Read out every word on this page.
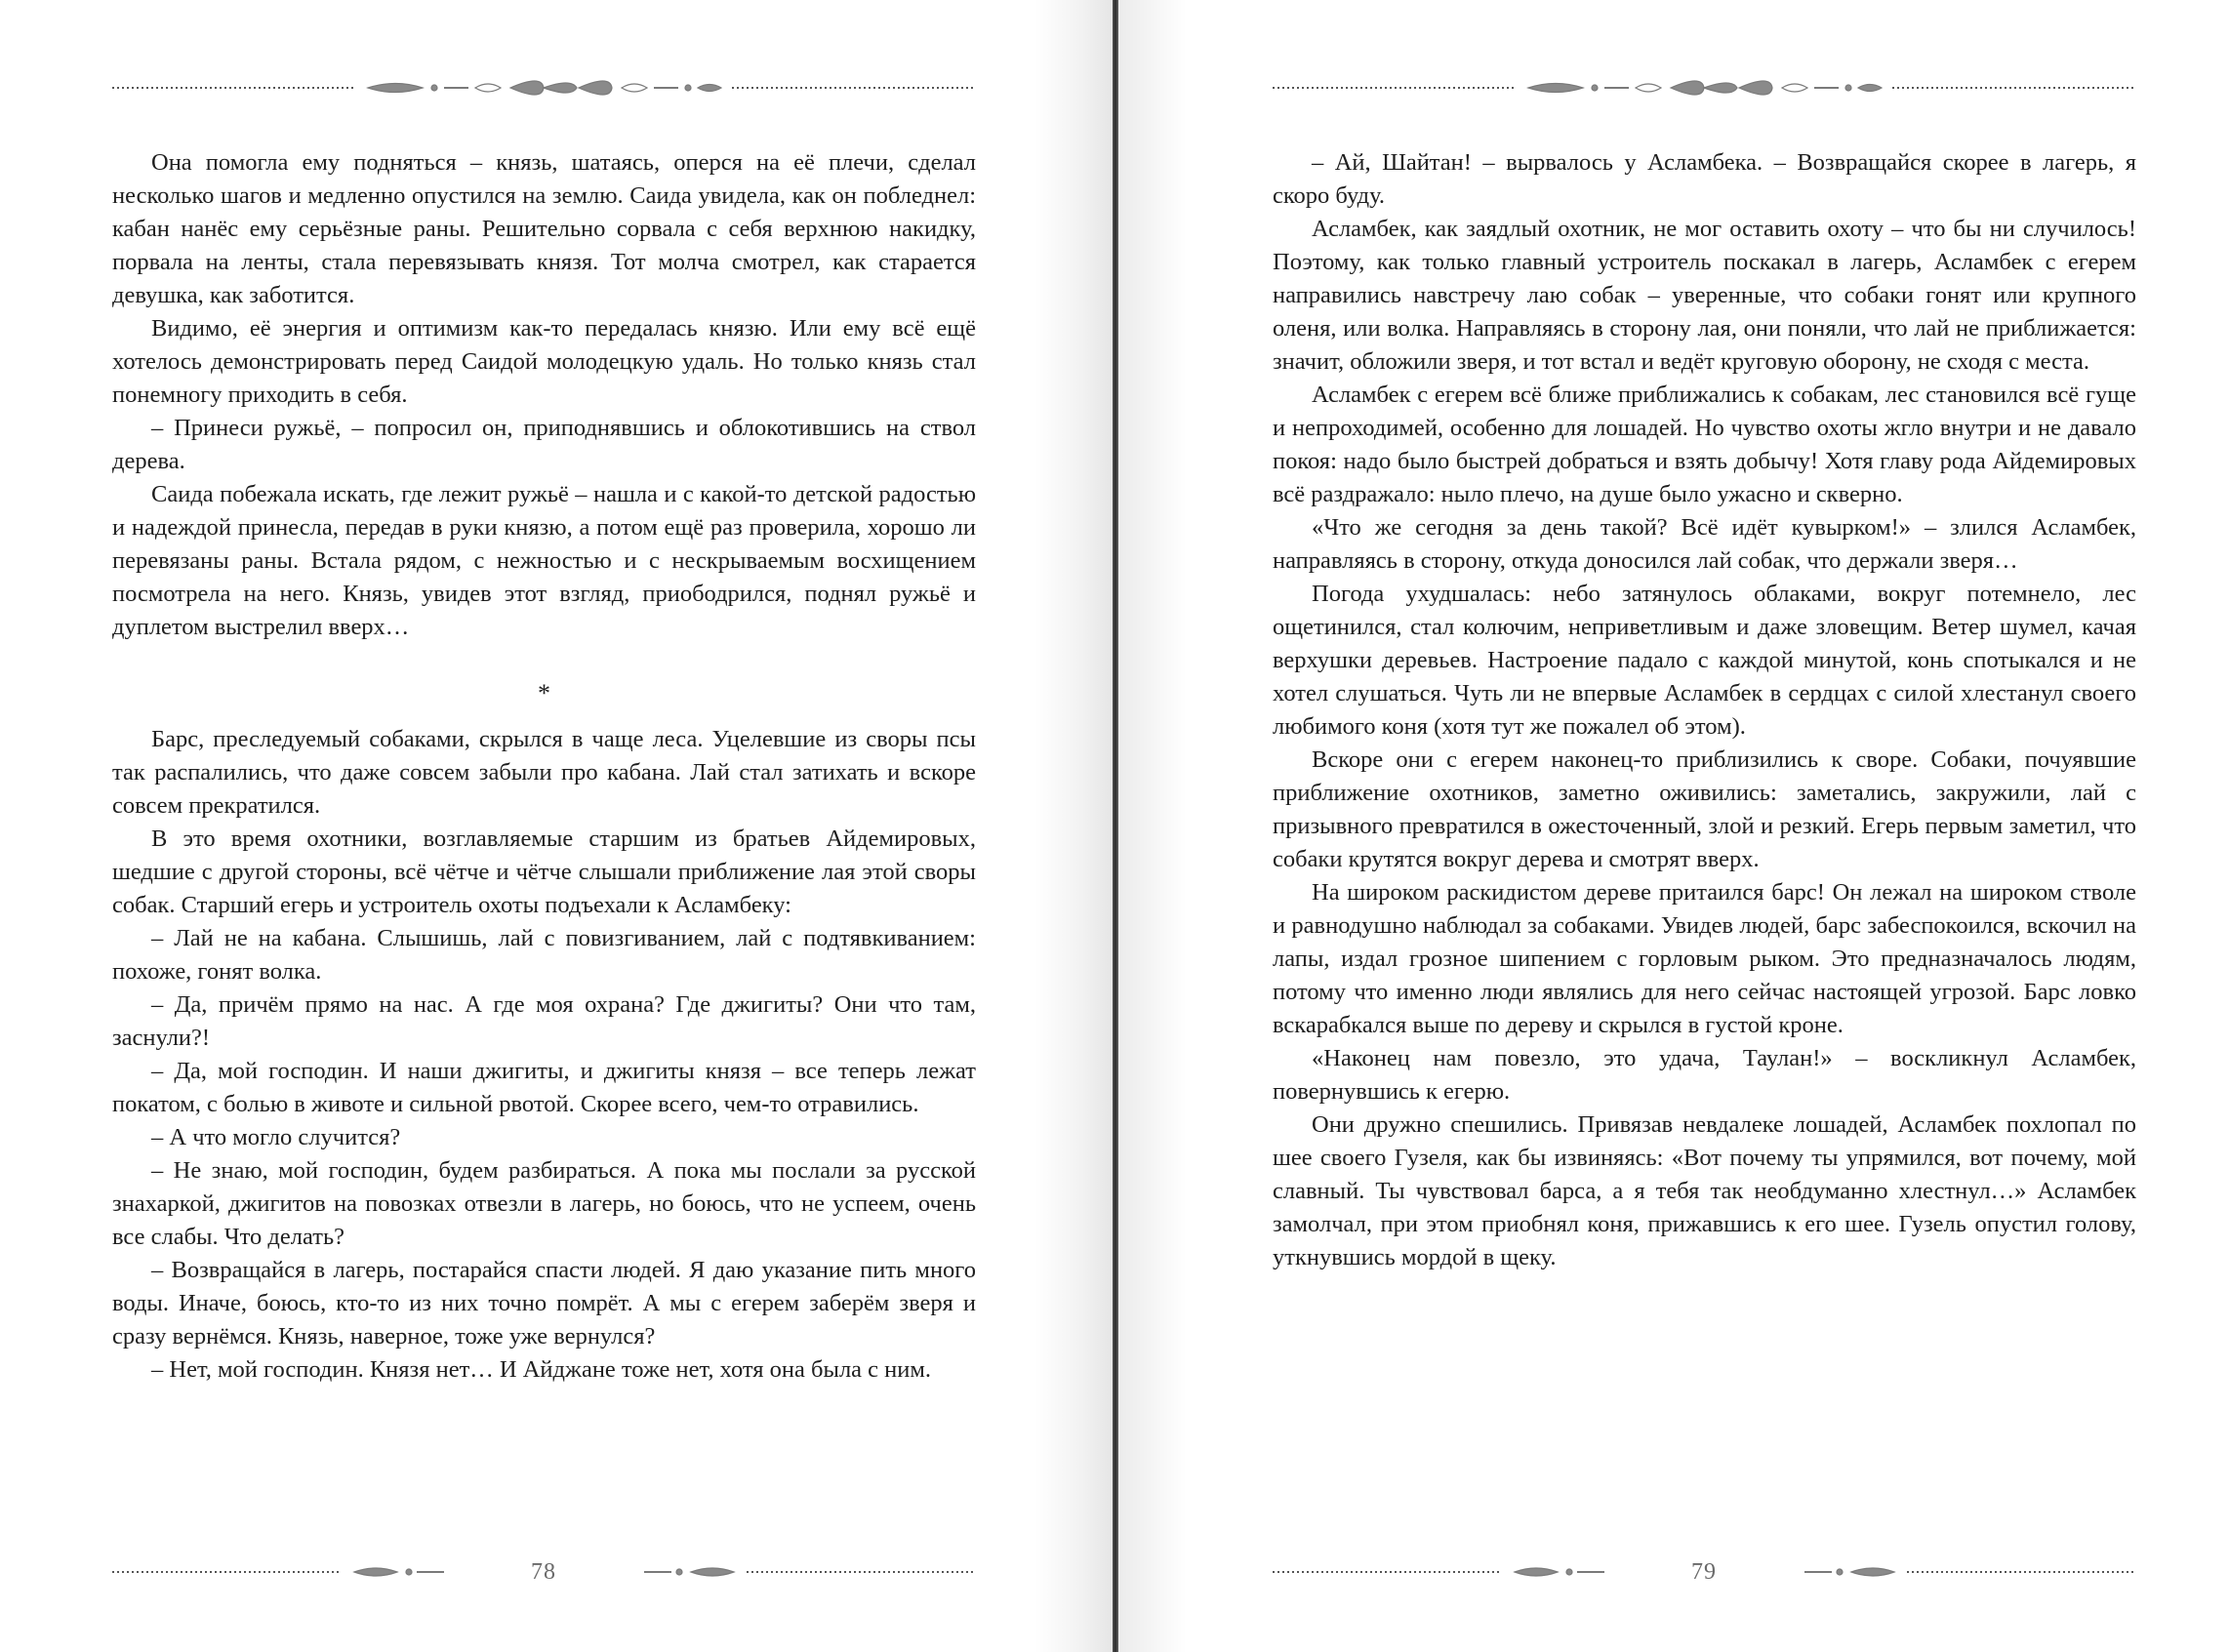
Она помогла ему подняться – князь, шатаясь, оперся на её плечи, сделал несколько шагов и медленно опустился на землю. Саида увидела, как он побледнел: кабан нанёс ему серьёзные раны. Решительно сорвала с себя верхнюю накидку, порвала на ленты, стала перевязывать князя. Тот молча смотрел, как старается девушка, как заботится.

Видимо, её энергия и оптимизм как-то передалась князю. Или ему всё ещё хотелось демонстрировать перед Саидой молодецкую удаль. Но только князь стал понемногу приходить в себя.

– Принеси ружьё, – попросил он, приподнявшись и облокотившись на ствол дерева.

Саида побежала искать, где лежит ружьё – нашла и с какой-то детской радостью и надеждой принесла, передав в руки князю, а потом ещё раз проверила, хорошо ли перевязаны раны. Встала рядом, с нежностью и с нескрываемым восхищением посмотрела на него. Князь, увидев этот взгляд, приободрился, поднял ружьё и дуплетом выстрелил вверх…

*

Барс, преследуемый собаками, скрылся в чаще леса. Уцелевшие из своры псы так распалились, что даже совсем забыли про кабана. Лай стал затихать и вскоре совсем прекратился.

В это время охотники, возглавляемые старшим из братьев Айдемировых, шедшие с другой стороны, всё чётче и чётче слышали приближение лая этой своры собак. Старший егерь и устроитель охоты подъехали к Асламбеку:

– Лай не на кабана. Слышишь, лай с повизгиванием, лай с подтявкиванием: похоже, гонят волка.

– Да, причём прямо на нас. А где моя охрана? Где джигиты? Они что там, заснули?!

– Да, мой господин. И наши джигиты, и джигиты князя – все теперь лежат покатом, с болью в животе и сильной рвотой. Скорее всего, чем-то отравились.

– А что могло случится?

– Не знаю, мой господин, будем разбираться. А пока мы послали за русской знахаркой, джигитов на повозках отвезли в лагерь, но боюсь, что не успеем, очень все слабы. Что делать?

– Возвращайся в лагерь, постарайся спасти людей. Я даю указание пить много воды. Иначе, боюсь, кто-то из них точно помрёт. А мы с егерем заберём зверя и сразу вернёмся. Князь, наверное, тоже уже вернулся?

– Нет, мой господин. Князя нет… И Айджане тоже нет, хотя она была с ним.

78

– Ай, Шайтан! – вырвалось у Асламбека. – Возвращайся скорее в лагерь, я скоро буду.

Асламбек, как заядлый охотник, не мог оставить охоту – что бы ни случилось! Поэтому, как только главный устроитель поскакал в лагерь, Асламбек с егерем направились навстречу лаю собак – уверенные, что собаки гонят или крупного оленя, или волка. Направляясь в сторону лая, они поняли, что лай не приближается: значит, обложили зверя, и тот встал и ведёт круговую оборону, не сходя с места.

Асламбек с егерем всё ближе приближались к собакам, лес становился всё гуще и непроходимей, особенно для лошадей. Но чувство охоты жгло внутри и не давало покоя: надо было быстрей добраться и взять добычу! Хотя главу рода Айдемировых всё раздражало: ныло плечо, на душе было ужасно и скверно.

«Что же сегодня за день такой? Всё идёт кувырком!» – злился Асламбек, направляясь в сторону, откуда доносился лай собак, что держали зверя…

Погода ухудшалась: небо затянулось облаками, вокруг потемнело, лес ощетинился, стал колючим, неприветливым и даже зловещим. Ветер шумел, качая верхушки деревьев. Настроение падало с каждой минутой, конь спотыкался и не хотел слушаться. Чуть ли не впервые Асламбек в сердцах с силой хлестанул своего любимого коня (хотя тут же пожалел об этом).

Вскоре они с егерем наконец-то приблизились к своре. Собаки, почуявшие приближение охотников, заметно оживились: заметались, закружили, лай с призывного превратился в ожесточенный, злой и резкий. Егерь первым заметил, что собаки крутятся вокруг дерева и смотрят вверх.

На широком раскидистом дереве притаился барс! Он лежал на широком стволе и равнодушно наблюдал за собаками. Увидев людей, барс забеспокоился, вскочил на лапы, издал грозное шипением с горловым рыком. Это предназначалось людям, потому что именно люди являлись для него сейчас настоящей угрозой. Барс ловко вскарабкался выше по дереву и скрылся в густой кроне.

«Наконец нам повезло, это удача, Таулан!» – воскликнул Асламбек, повернувшись к егерю.

Они дружно спешились. Привязав невдалеке лошадей, Асламбек похлопал по шее своего Гузеля, как бы извиняясь: «Вот почему ты упрямился, вот почему, мой славный. Ты чувствовал барса, а я тебя так необдуманно хлестнул…» Асламбек замолчал, при этом приобнял коня, прижавшись к его шее. Гузель опустил голову, уткнувшись мордой в щеку.

79
